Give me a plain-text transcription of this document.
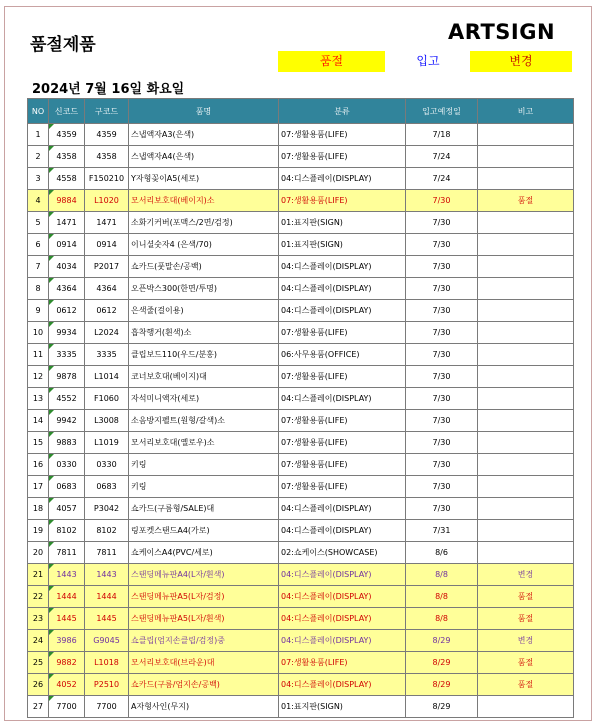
품절제품
ARTSIGN
품절	입고	변경
2024년 7월 16일 화요일
NO	신코드	구코드	품명	분류	입고예정일	비고
1	4359	4359	스냅액자A3(은색)	07:생활용품(LIFE)	7/18	
2	4358	4358	스냅액자A4(은색)	07:생활용품(LIFE)	7/24	
3	4558	F150210	Y자형꽂이A5(세로)	04:디스플레이(DISPLAY)	7/24	
4	9884	L1020	모서리보호대(베이지)소	07:생활용품(LIFE)	7/30	품절
5	1471	1471	소화기커버(포맥스/2면/검정)	01:표지판(SIGN)	7/30	
6	0914	0914	이니셜숫자4 (은색/70)	01:표지판(SIGN)	7/30	
7	4034	P2017	쇼카드(풋말손/공백)	04:디스플레이(DISPLAY)	7/30	
8	4364	4364	오픈박스300(한면/투명)	04:디스플레이(DISPLAY)	7/30	
9	0612	0612	은색줄(걸이용)	04:디스플레이(DISPLAY)	7/30	
10	9934	L2024	흡착행거(흰색)소	07:생활용품(LIFE)	7/30	
11	3335	3335	클립보드110(우드/분홍)	06:사무용품(OFFICE)	7/30	
12	9878	L1014	코너보호대(베이지)대	07:생활용품(LIFE)	7/30	
13	4552	F1060	자석미니액자(세로)	04:디스플레이(DISPLAY)	7/30	
14	9942	L3008	소음방지펠트(원형/갈색)소	07:생활용품(LIFE)	7/30	
15	9883	L1019	모서리보호대(옐로우)소	07:생활용품(LIFE)	7/30	
16	0330	0330	키링	07:생활용품(LIFE)	7/30	
17	0683	0683	키링	07:생활용품(LIFE)	7/30	
18	4057	P3042	쇼카드(구름형/SALE)대	04:디스플레이(DISPLAY)	7/30	
19	8102	8102	링포켓스탠드A4(가로)	04:디스플레이(DISPLAY)	7/31	
20	7811	7811	쇼케이스A4(PVC/세로)	02:쇼케이스(SHOWCASE)	8/6	
21	1443	1443	스탠딩메뉴판A4(L자/흰색)	04:디스플레이(DISPLAY)	8/8	변경
22	1444	1444	스탠딩메뉴판A5(L자/검정)	04:디스플레이(DISPLAY)	8/8	품절
23	1445	1445	스탠딩메뉴판A5(L자/흰색)	04:디스플레이(DISPLAY)	8/8	품절
24	3986	G9045	쇼클립(엄지손클립/검정)중	04:디스플레이(DISPLAY)	8/29	변경
25	9882	L1018	모서리보호대(브라운)대	07:생활용품(LIFE)	8/29	품절
26	4052	P2510	쇼카드(구름/엄지손/공백)	04:디스플레이(DISPLAY)	8/29	품절
27	7700	7700	A자형사인(무지)	01:표지판(SIGN)	8/29	
